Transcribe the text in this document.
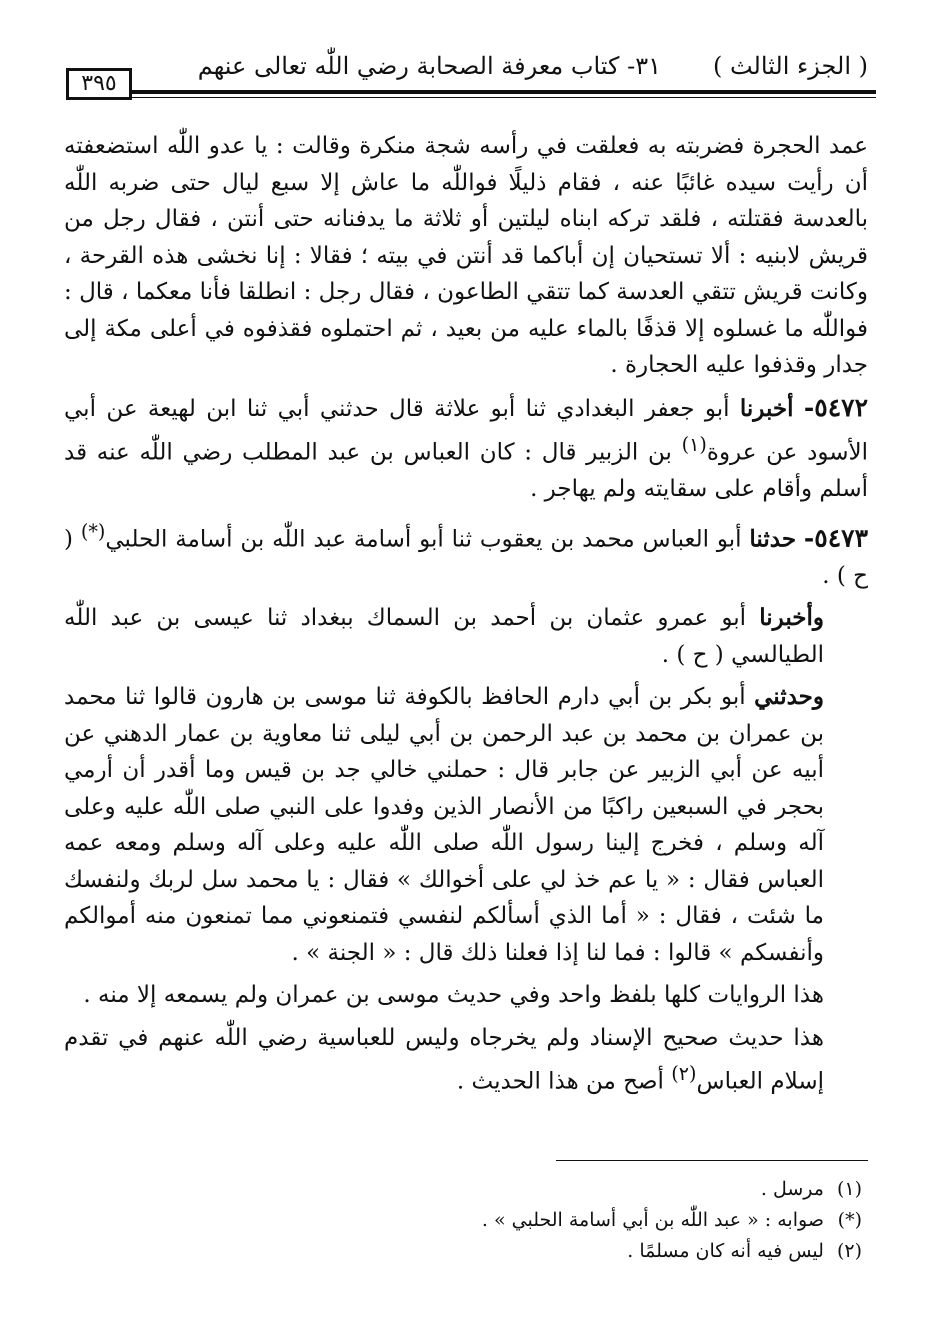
( الجزء الثالث )
٣١- كتاب معرفة الصحابة رضي اللّٰه تعالى عنهم
٣٩٥

عمد الحجرة فضربته به فعلقت في رأسه شجة منكرة وقالت : يا عدو اللّٰه استضعفته أن رأيت سيده غائبًا عنه ، فقام ذليلًا فواللّٰه ما عاش إلا سبع ليال حتى ضربه اللّٰه بالعدسة فقتلته ، فلقد تركه ابناه ليلتين أو ثلاثة ما يدفنانه حتى أنتن ، فقال رجل من قريش لابنيه : ألا تستحيان إن أباكما قد أنتن في بيته ؛ فقالا : إنا نخشى هذه القرحة ، وكانت قريش تتقي العدسة كما تتقي الطاعون ، فقال رجل : انطلقا فأنا معكما ، قال : فواللّٰه ما غسلوه إلا قذفًا بالماء عليه من بعيد ، ثم احتملوه فقذفوه في أعلى مكة إلى جدار وقذفوا عليه الحجارة .

٥٤٧٢- أخبرنا أبو جعفر البغدادي ثنا أبو علاثة قال حدثني أبي ثنا ابن لهيعة عن أبي الأسود عن عروة$^{(١)}$ بن الزبير قال : كان العباس بن عبد المطلب رضي اللّٰه عنه قد أسلم وأقام على سقايته ولم يهاجر .

٥٤٧٣- حدثنا أبو العباس محمد بن يعقوب ثنا أبو أسامة عبد اللّٰه بن أسامة الحلبي(*) ( ح ) .

وأخبرنا أبو عمرو عثمان بن أحمد بن السماك ببغداد ثنا عيسى بن عبد اللّٰه الطيالسي ( ح ) .

وحدثني أبو بكر بن أبي دارم الحافظ بالكوفة ثنا موسى بن هارون قالوا ثنا محمد بن عمران بن محمد بن عبد الرحمن بن أبي ليلى ثنا معاوية بن عمار الدهني عن أبيه عن أبي الزبير عن جابر قال : حملني خالي جد بن قيس وما أقدر أن أرمي بحجر في السبعين راكبًا من الأنصار الذين وفدوا على النبي صلى اللّٰه عليه وعلى آله وسلم ، فخرج إلينا رسول اللّٰه صلى اللّٰه عليه وعلى آله وسلم ومعه عمه العباس فقال : « يا عم خذ لي على أخوالك » فقال : يا محمد سل لربك ولنفسك ما شئت ، فقال : « أما الذي أسألكم لنفسي فتمنعوني مما تمنعون منه أموالكم وأنفسكم » قالوا : فما لنا إذا فعلنا ذلك قال : « الجنة » .

هذا الروايات كلها بلفظ واحد وفي حديث موسى بن عمران ولم يسمعه إلا منه .

هذا حديث صحيح الإسناد ولم يخرجاه وليس للعباسية رضي اللّٰه عنهم في تقدم إسلام العباس$^{(٢)}$ أصح من هذا الحديث .

(١) مرسل .
(*) صوابه : « عبد اللّٰه بن أبي أسامة الحلبي » .
(٢) ليس فيه أنه كان مسلمًا .
